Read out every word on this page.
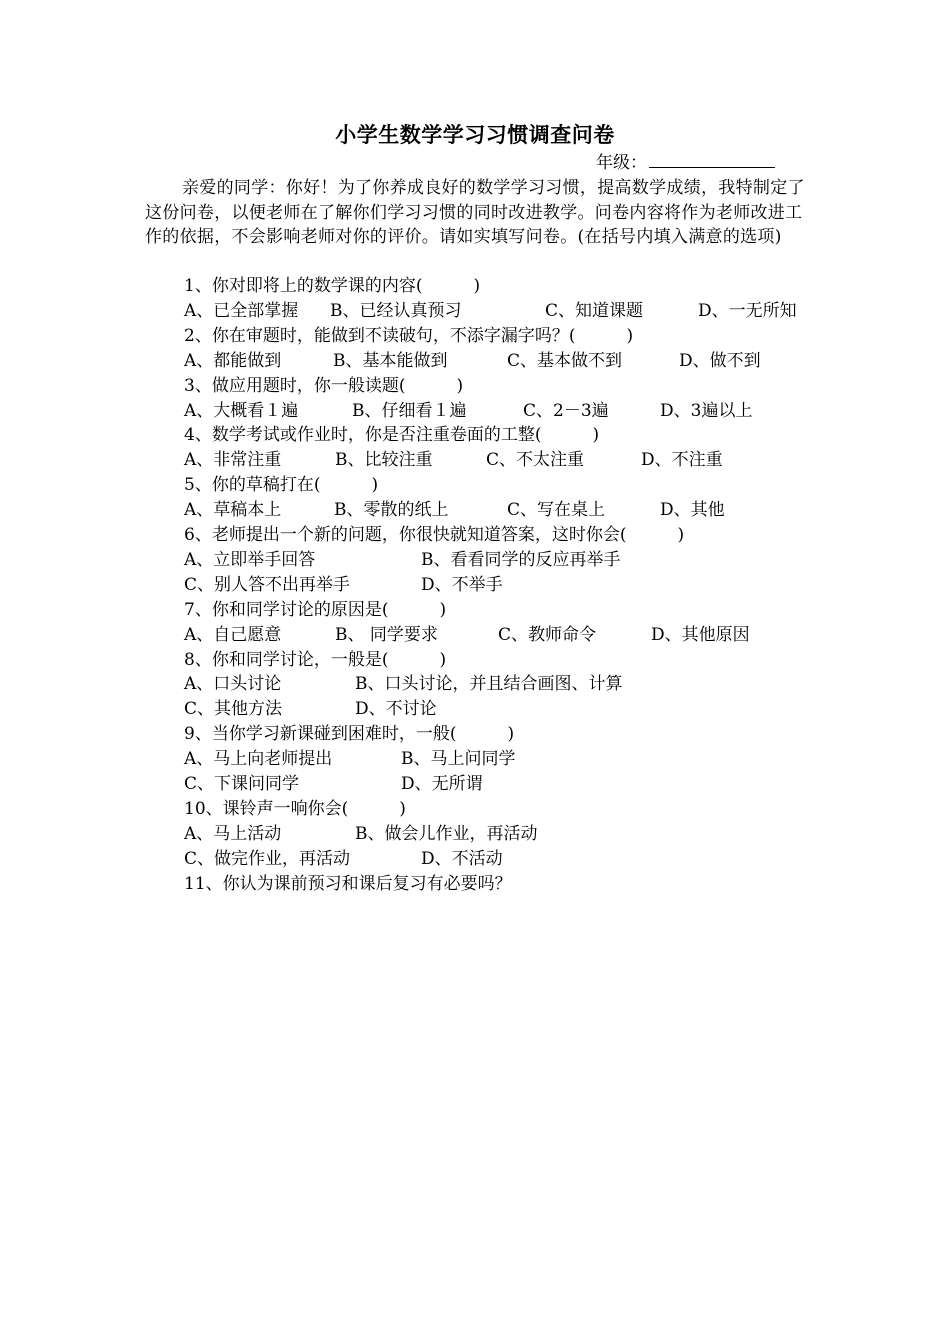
小学生数学学习习惯调查问卷
年级：
亲爱的同学：你好！为了你养成良好的数学学习习惯，提高数学成绩，我特制定了这份问卷，以便老师在了解你们学习习惯的同时改进教学。问卷内容将作为老师改进工作的依据，不会影响老师对你的评价。请如实填写问卷。(在括号内填入满意的选项)
1、你对即将上的数学课的内容(　　　)
A、已全部掌握 B、已经认真预习	C、知道课题	D、一无所知
2、你在审题时，能做到不读破句，不添字漏字吗？(　　　)
A、都能做到	B、基本能做到	C、基本做不到	D、做不到
3、做应用题时，你一般读题(　　　)
A、大概看１遍	B、仔细看１遍	C、2－3遍	D、3遍以上
4、数学考试或作业时，你是否注重卷面的工整(　　　)
A、非常注重	B、比较注重	C、不太注重	D、不注重
5、你的草稿打在(　　　)
A、草稿本上	B、零散的纸上	C、写在桌上	D、其他
6、老师提出一个新的问题，你很快就知道答案，这时你会(　　　)
A、立即举手回答	B、看看同学的反应再举手
C、别人答不出再举手	D、不举手
7、你和同学讨论的原因是(　　　)
A、自己愿意	B、 同学要求	C、教师命令	D、其他原因
8、你和同学讨论，一般是(　　　)
A、口头讨论	B、口头讨论，并且结合画图、计算
C、其他方法	D、不讨论
9、当你学习新课碰到困难时，一般(　　　)
A、马上向老师提出	B、马上问同学
C、下课问同学	D、无所谓
10、课铃声一响你会(　　　)
A、马上活动	B、做会儿作业，再活动
C、做完作业，再活动	D、不活动
11、你认为课前预习和课后复习有必要吗？
